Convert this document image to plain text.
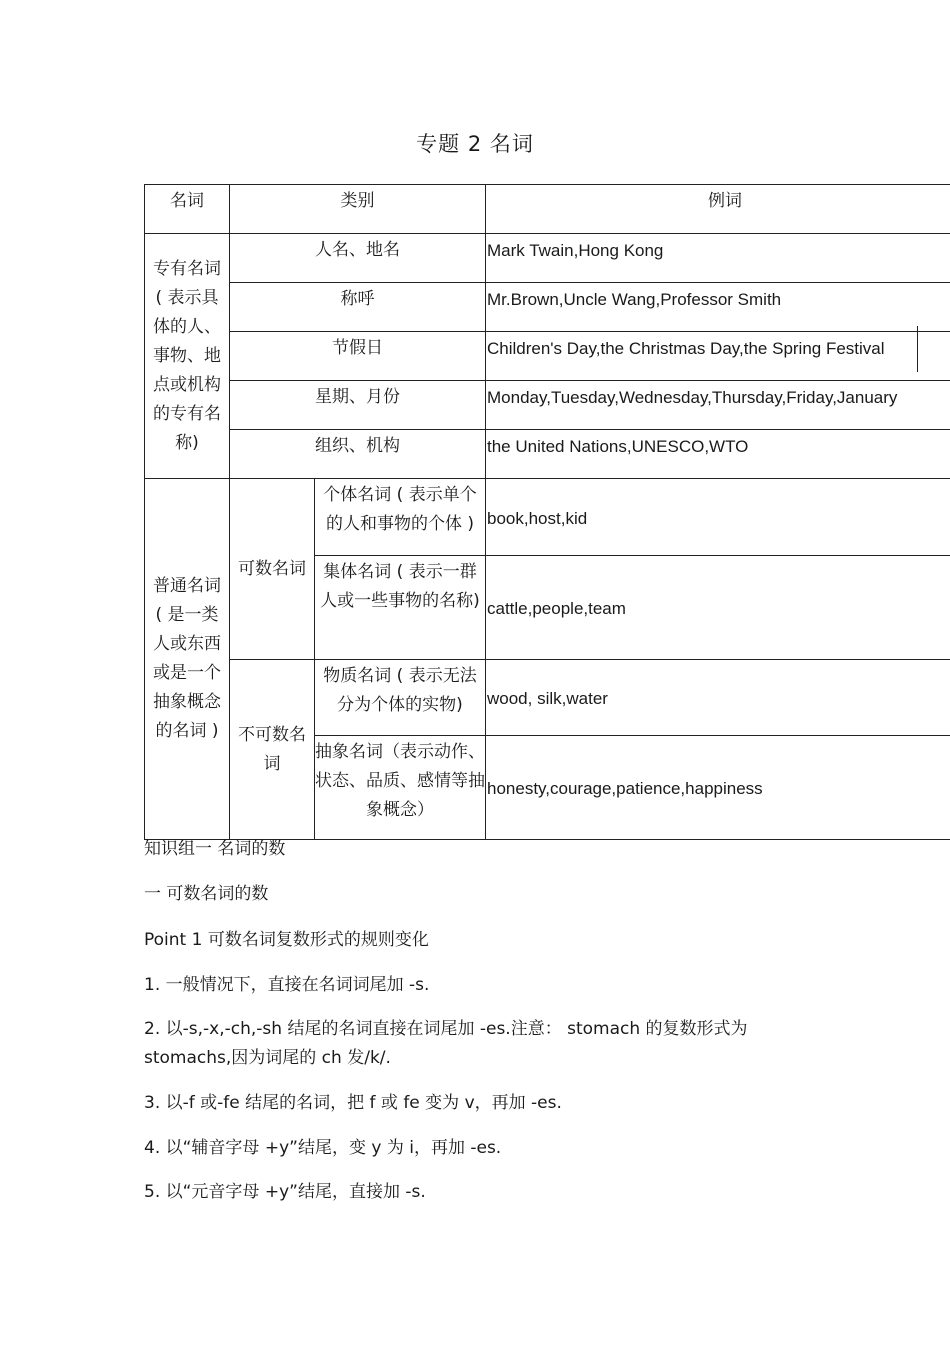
专题 2 名词
名词	类别		例词

专有名词 ( 表示具体的人、事物、地点或机构的专有名称)	人名、地名		Mark Twain,Hong Kong
	称呼		Mr.Brown,Uncle Wang,Professor Smith
	节假日		Children's Day,the Christmas Day,the Spring Festival
	星期、月份		Monday,Tuesday,Wednesday,Thursday,Friday,January
	组织、机构		the United Nations,UNESCO,WTO
普通名词 ( 是一类人或东西或是一个抽象概念的名词 )	可数名词	个体名词 ( 表示单个的人和事物的个体 )	book,host,kid
		集体名词 ( 表示一群人或一些事物的名称)	cattle,people,team
	不可数名词	物质名词 ( 表示无法分为个体的实物)	wood, silk,water
		抽象名词（表示动作、状态、品质、感情等抽象概念）	honesty,courage,patience,happiness
知识组一 名词的数
一 可数名词的数
Point 1 可数名词复数形式的规则变化
1. 一般情况下，直接在名词词尾加 -s.
2. 以-s,-x,-ch,-sh 结尾的名词直接在词尾加 -es.注意： stomach 的复数形式为
stomachs,因为词尾的 ch 发/k/.
3. 以-f 或-fe 结尾的名词，把 f 或 fe 变为 v，再加 -es.
4. 以“辅音字母 +y”结尾，变 y 为 i，再加 -es.
5. 以“元音字母 +y”结尾，直接加 -s.
